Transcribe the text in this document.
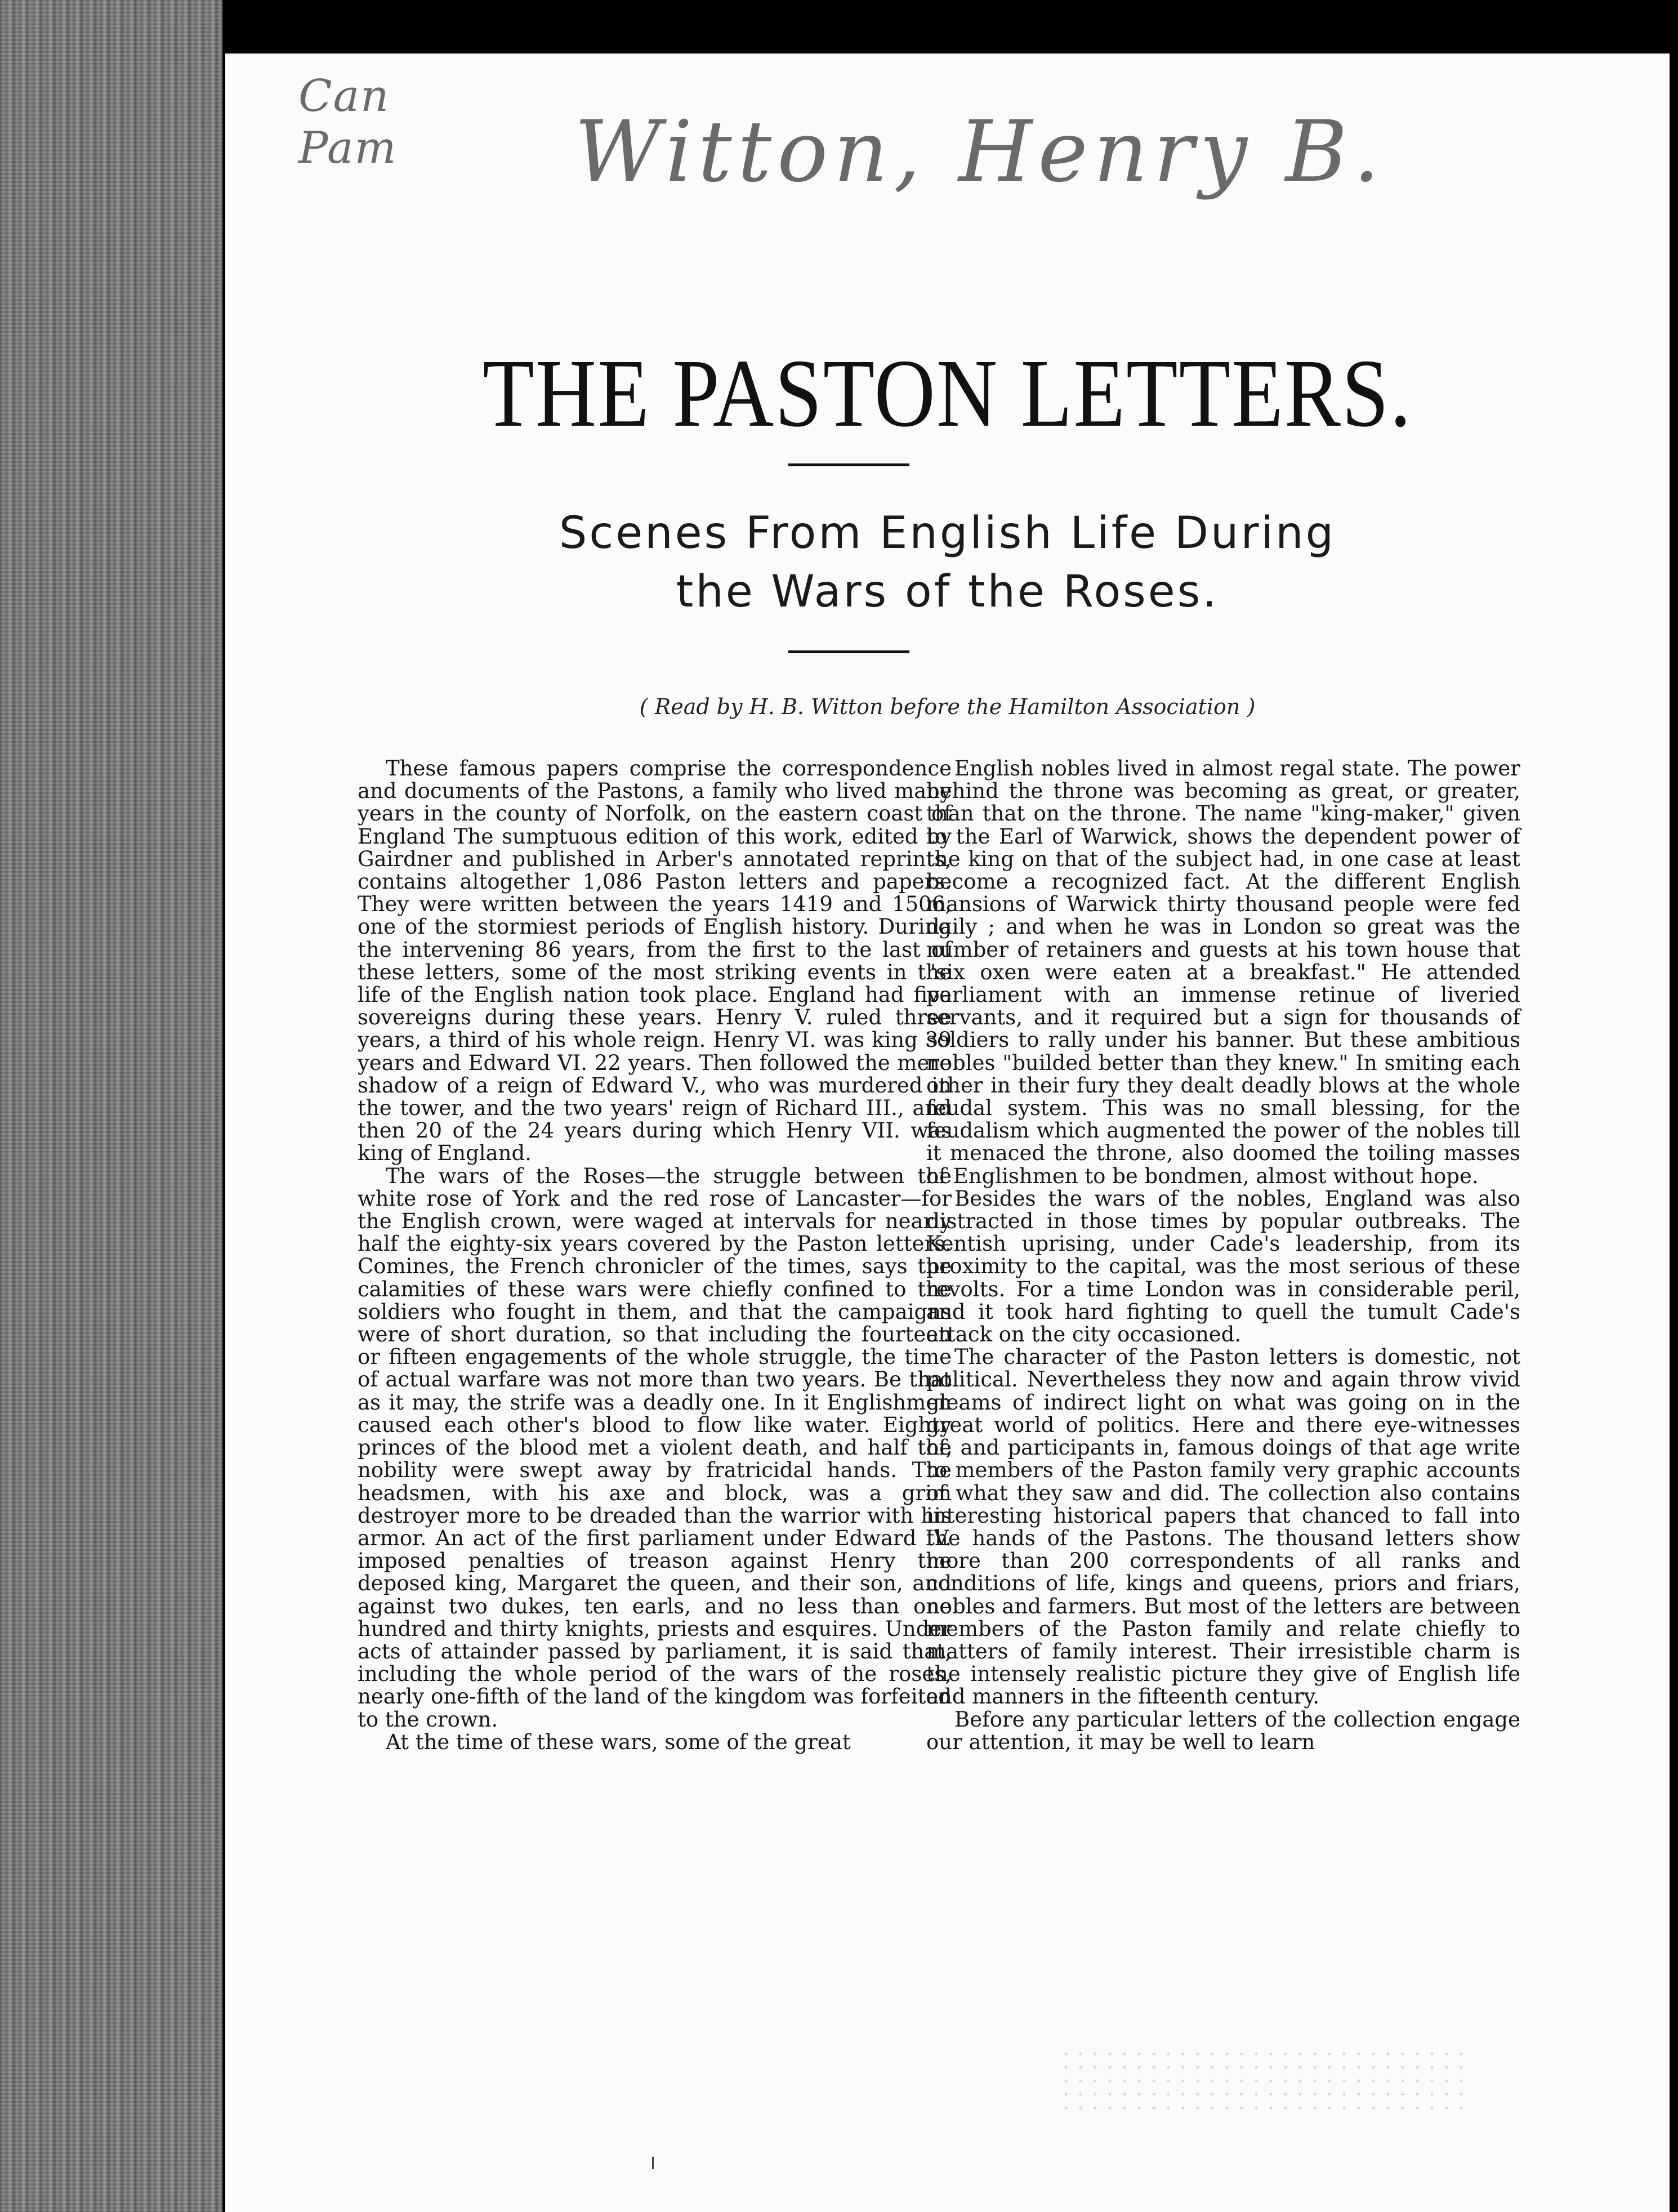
Can Pam Witton, Henry B.
THE PASTON LETTERS.
Scenes From English Life During
the Wars of the Roses.
( Read by H. B. Witton before the Hamilton Association )

These famous papers comprise the correspondence and documents of the Pastons, a family who lived many years in the county of Norfolk, on the eastern coast of England The sumptuous edition of this work, edited by Gairdner and published in Arber's annotated reprints, contains altogether 1,086 Paston letters and papers. They were written between the years 1419 and 1506, one of the stormiest periods of English history. During the intervening 86 years, from the first to the last of these letters, some of the most striking events in the life of the English nation took place. England had five sovereigns during these years. Henry V. ruled three years, a third of his whole reign. Henry VI. was king 39 years and Edward VI. 22 years. Then followed the mere shadow of a reign of Edward V., who was murdered in the tower, and the two years' reign of Richard III., and then 20 of the 24 years during which Henry VII. was king of England.

The wars of the Roses—the struggle between the white rose of York and the red rose of Lancaster—for the English crown, were waged at intervals for nearly half the eighty-six years covered by the Paston letters. Comines, the French chronicler of the times, says the calamities of these wars were chiefly confined to the soldiers who fought in them, and that the campaigns were of short duration, so that including the fourteen or fifteen engagements of the whole struggle, the time of actual warfare was not more than two years. Be that as it may, the strife was a deadly one. In it Englishmen caused each other's blood to flow like water. Eighty princes of the blood met a violent death, and half the nobility were swept away by fratricidal hands. The headsmen, with his axe and block, was a grim destroyer more to be dreaded than the warrior with his armor. An act of the first parliament under Edward IV. imposed penalties of treason against Henry the deposed king, Margaret the queen, and their son, and against two dukes, ten earls, and no less than one hundred and thirty knights, priests and esquires. Under acts of attainder passed by parliament, it is said that, including the whole period of the wars of the roses, nearly one-fifth of the land of the kingdom was forfeited to the crown.

At the time of these wars, some of the great

English nobles lived in almost regal state. The power behind the throne was becoming as great, or greater, than that on the throne. The name "king-maker," given to the Earl of Warwick, shows the dependent power of the king on that of the subject had, in one case at least become a recognized fact. At the different English mansions of Warwick thirty thousand people were fed daily ; and when he was in London so great was the number of retainers and guests at his town house that "six oxen were eaten at a breakfast." He attended parliament with an immense retinue of liveried servants, and it required but a sign for thousands of soldiers to rally under his banner. But these ambitious nobles "builded better than they knew." In smiting each other in their fury they dealt deadly blows at the whole feudal system. This was no small blessing, for the feudalism which augmented the power of the nobles till it menaced the throne, also doomed the toiling masses of Englishmen to be bondmen, almost without hope.

Besides the wars of the nobles, England was also distracted in those times by popular outbreaks. The Kentish uprising, under Cade's leadership, from its proximity to the capital, was the most serious of these revolts. For a time London was in considerable peril, and it took hard fighting to quell the tumult Cade's attack on the city occasioned.

The character of the Paston letters is domestic, not political. Nevertheless they now and again throw vivid gleams of indirect light on what was going on in the great world of politics. Here and there eye-witnesses of, and participants in, famous doings of that age write to members of the Paston family very graphic accounts of what they saw and did. The collection also contains interesting historical papers that chanced to fall into the hands of the Pastons. The thousand letters show more than 200 correspondents of all ranks and conditions of life, kings and queens, priors and friars, nobles and farmers. But most of the letters are between members of the Paston family and relate chiefly to matters of family interest. Their irresistible charm is the intensely realistic picture they give of English life and manners in the fifteenth century.

Before any particular letters of the collection engage our attention, it may be well to learn
